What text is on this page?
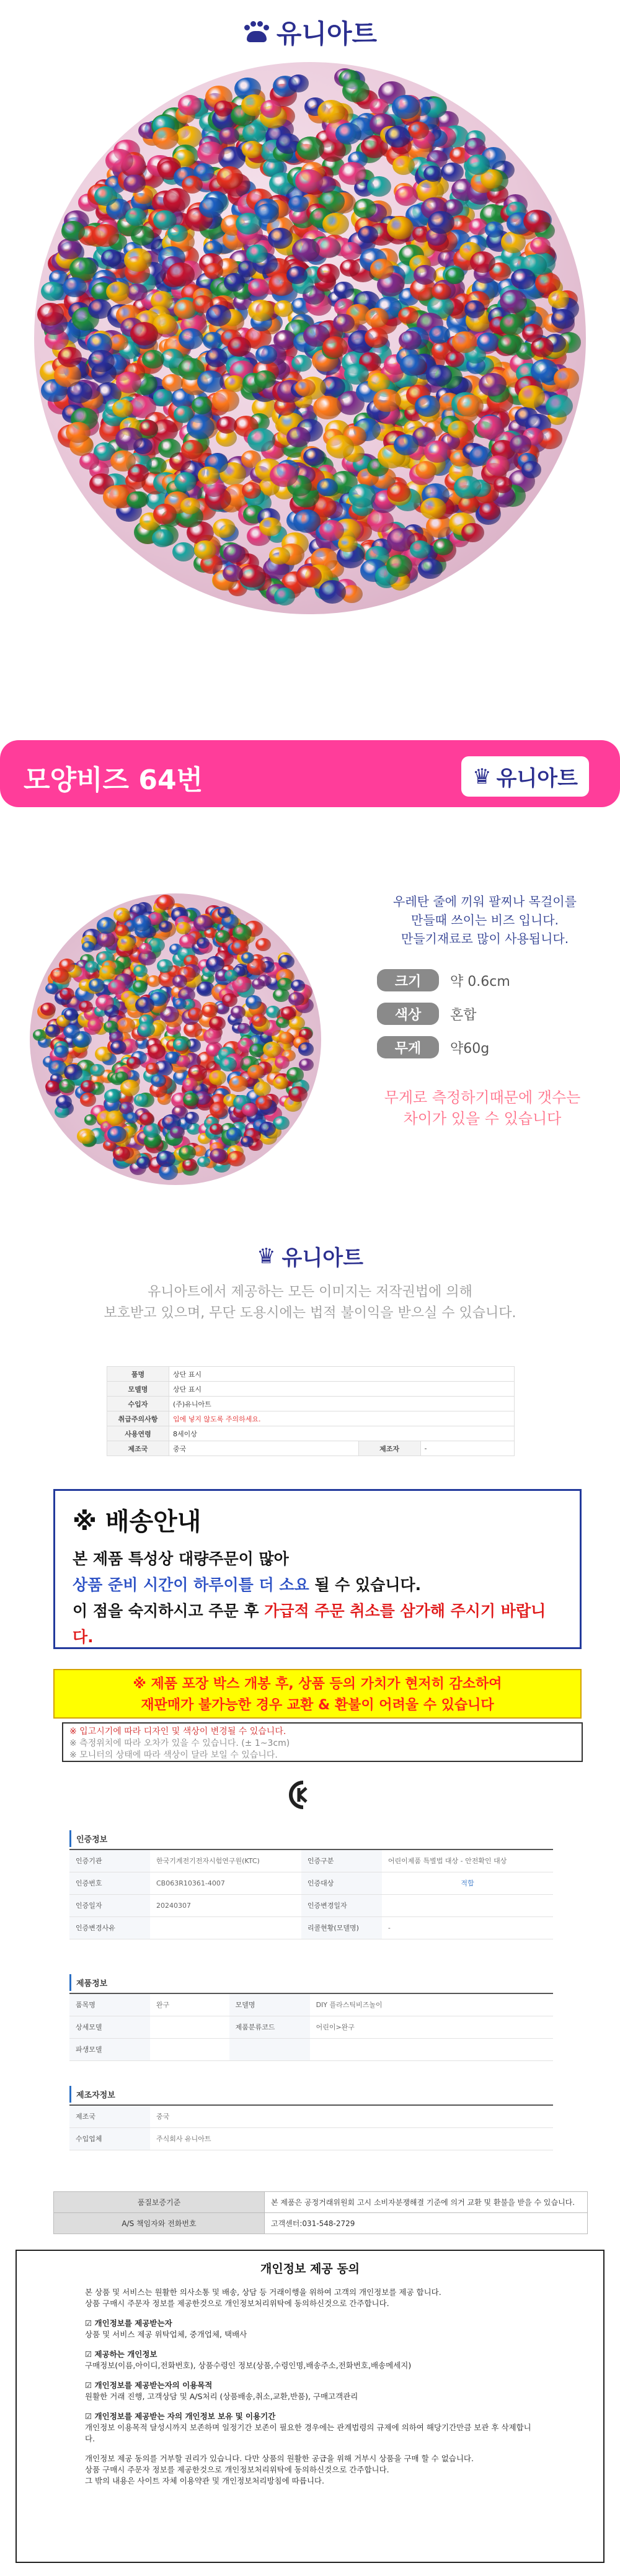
유니아트
모양비즈 64번	♛ 유니아트
우레탄 줄에 끼워 팔찌나 목걸이를
만들때 쓰이는 비즈 입니다.
만들기재료로 많이 사용됩니다.
크기	약 0.6cm
색상	혼합
무게	약60g
무게로 측정하기때문에 갯수는
차이가 있을 수 있습니다
♛ 유니아트
유니아트에서 제공하는 모든 이미지는 저작권법에 의해
보호받고 있으며, 무단 도용시에는 법적 불이익을 받으실 수 있습니다.
품명	상단 표시		
모델명	상단 표시		
수입자	(주)유니아트		
취급주의사항	입에 넣지 않도록 주의하세요.		
사용연령	8세이상		
제조국	중국	제조자	-
※ 배송안내

본 제품 특성상 대량주문이 많아

상품 준비 시간이 하루이틀 더 소요 될 수 있습니다.

이 점을 숙지하시고 주문 후 가급적 주문 취소를 삼가해 주시기 바랍니다.

※ 제품 포장 박스 개봉 후, 상품 등의 가치가 현저히 감소하여
재판매가 불가능한 경우 교환 & 환불이 어려울 수 있습니다
※ 입고시기에 따라 디자인 및 색상이 변경될 수 있습니다.
※ 측정위치에 따라 오차가 있을 수 있습니다. (± 1~3cm)
※ 모니터의 상태에 따라 색상이 달라 보일 수 있습니다.
KC
인증정보
인증기관	한국기계전기전자시험연구원(KTC)	인증구분	어린이제품 특별법 대상 - 안전확인 대상
인증번호	CB063R10361-4007	인증대상	적합
인증일자	20240307	인증변경일자	
인증변경사유		리콜현황(모델명)	-
제품정보
품목명	완구	모델명	DIY 플라스틱비즈놀이
상세모델		제품분류코드	어린이>완구
파생모델			
제조자정보
제조국	중국
수입업체	주식회사 유니아트
품질보증기준	본 제품은 공정거래위원회 고시 소비자분쟁해결 기준에 의거 교환 및 환불을 받을 수 있습니다.
A/S 책임자와 전화번호	고객센터:031-548-2729
개인정보 제공 동의
본 상품 및 서비스는 원활한 의사소통 및 배송, 상담 등 거래이행을 위하여 고객의 개인정보를 제공 합니다.
상품 구매시 주문자 정보를 제공한것으로 개인정보처리위탁에 동의하신것으로 간주합니다.
☑ 개인정보를 제공받는자
상품 및 서비스 제공 위탁업체, 중개업체, 택배사
☑ 제공하는 개인정보
구매정보(이름,아이디,전화번호), 상품수령인 정보(상품,수령인명,배송주소,전화번호,배송메세지)
☑ 개인정보를 제공받는자의 이용목적
원활한 거래 진행, 고객상담 및 A/S처리 (상품배송,취소,교환,반품), 구매고객관리
☑ 개인정보를 제공받는 자의 개인정보 보유 및 이용기간
개인정보 이용목적 달성시까지 보존하며 일정기간 보존이 필요한 경우에는 관계법령의 규제에 의하여 해당기간만큼 보관 후 삭제합니다.
개인정보 제공 동의를 거부할 권리가 있습니다. 다만 상품의 원활한 공급을 위해 거부시 상품을 구매 할 수 없습니다.
상품 구매시 주문자 정보를 제공한것으로 개인정보처리위탁에 동의하신것으로 간주합니다.
그 밖의 내용은 사이트 자체 이용약관 및 개인정보처리방침에 따릅니다.
